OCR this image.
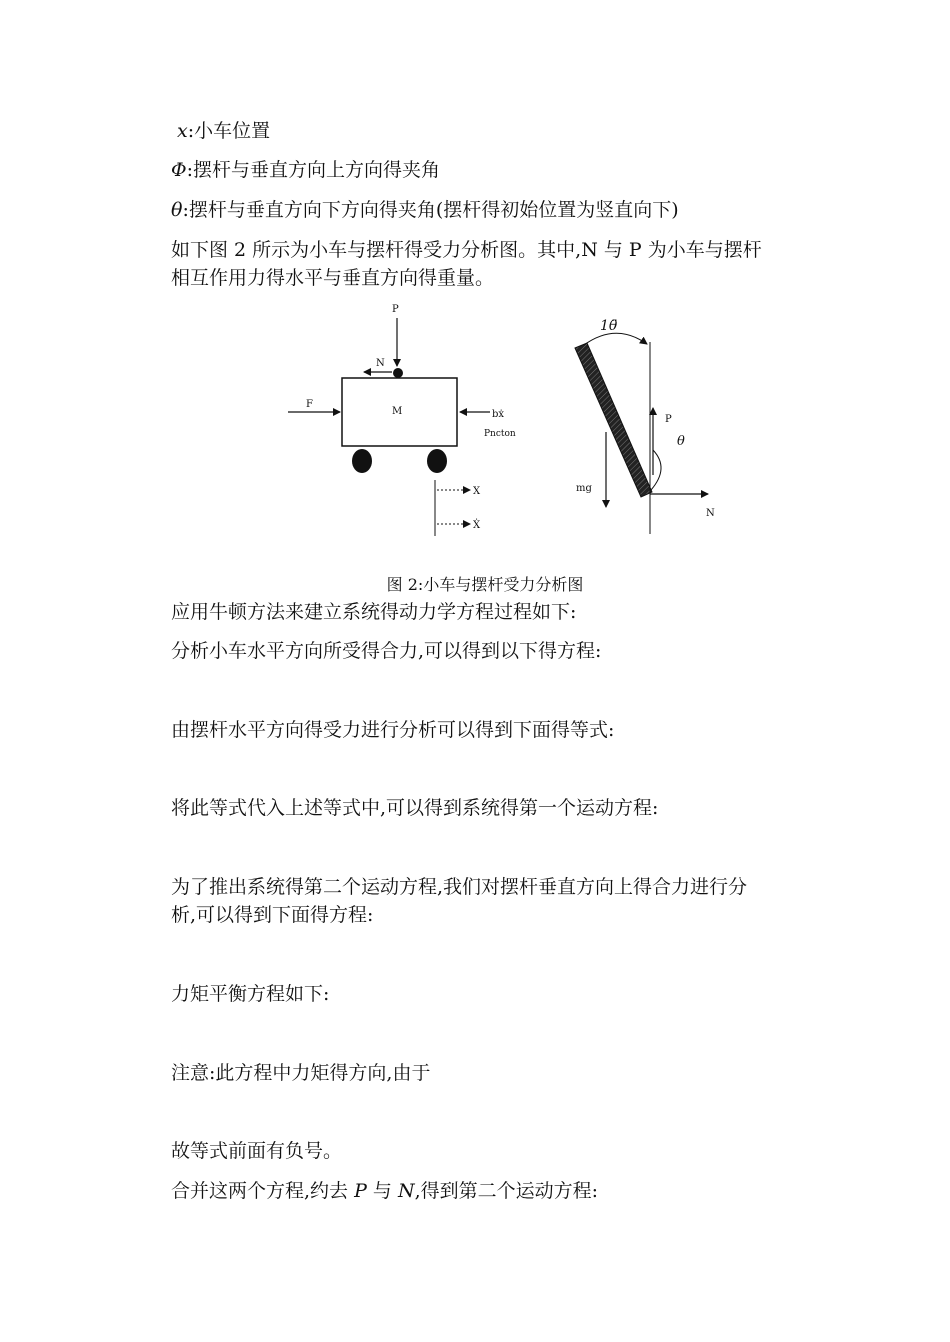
x:小车位置
Φ:摆杆与垂直方向上方向得夹角
θ:摆杆与垂直方向下方向得夹角(摆杆得初始位置为竖直向下)
如下图 2 所示为小车与摆杆得受力分析图。其中,N 与 P 为小车与摆杆
相互作用力得水平与垂直方向得重量。
P
N
F
M	bẋ
Pncton
X
Ẋ
1θ̈
P
θ
mg
N
图 2:小车与摆杆受力分析图
应用牛顿方法来建立系统得动力学方程过程如下:
分析小车水平方向所受得合力,可以得到以下得方程:
由摆杆水平方向得受力进行分析可以得到下面得等式:
将此等式代入上述等式中,可以得到系统得第一个运动方程:
为了推出系统得第二个运动方程,我们对摆杆垂直方向上得合力进行分
析,可以得到下面得方程:
力矩平衡方程如下:
注意:此方程中力矩得方向,由于
故等式前面有负号。
合并这两个方程,约去 P 与 N,得到第二个运动方程:
